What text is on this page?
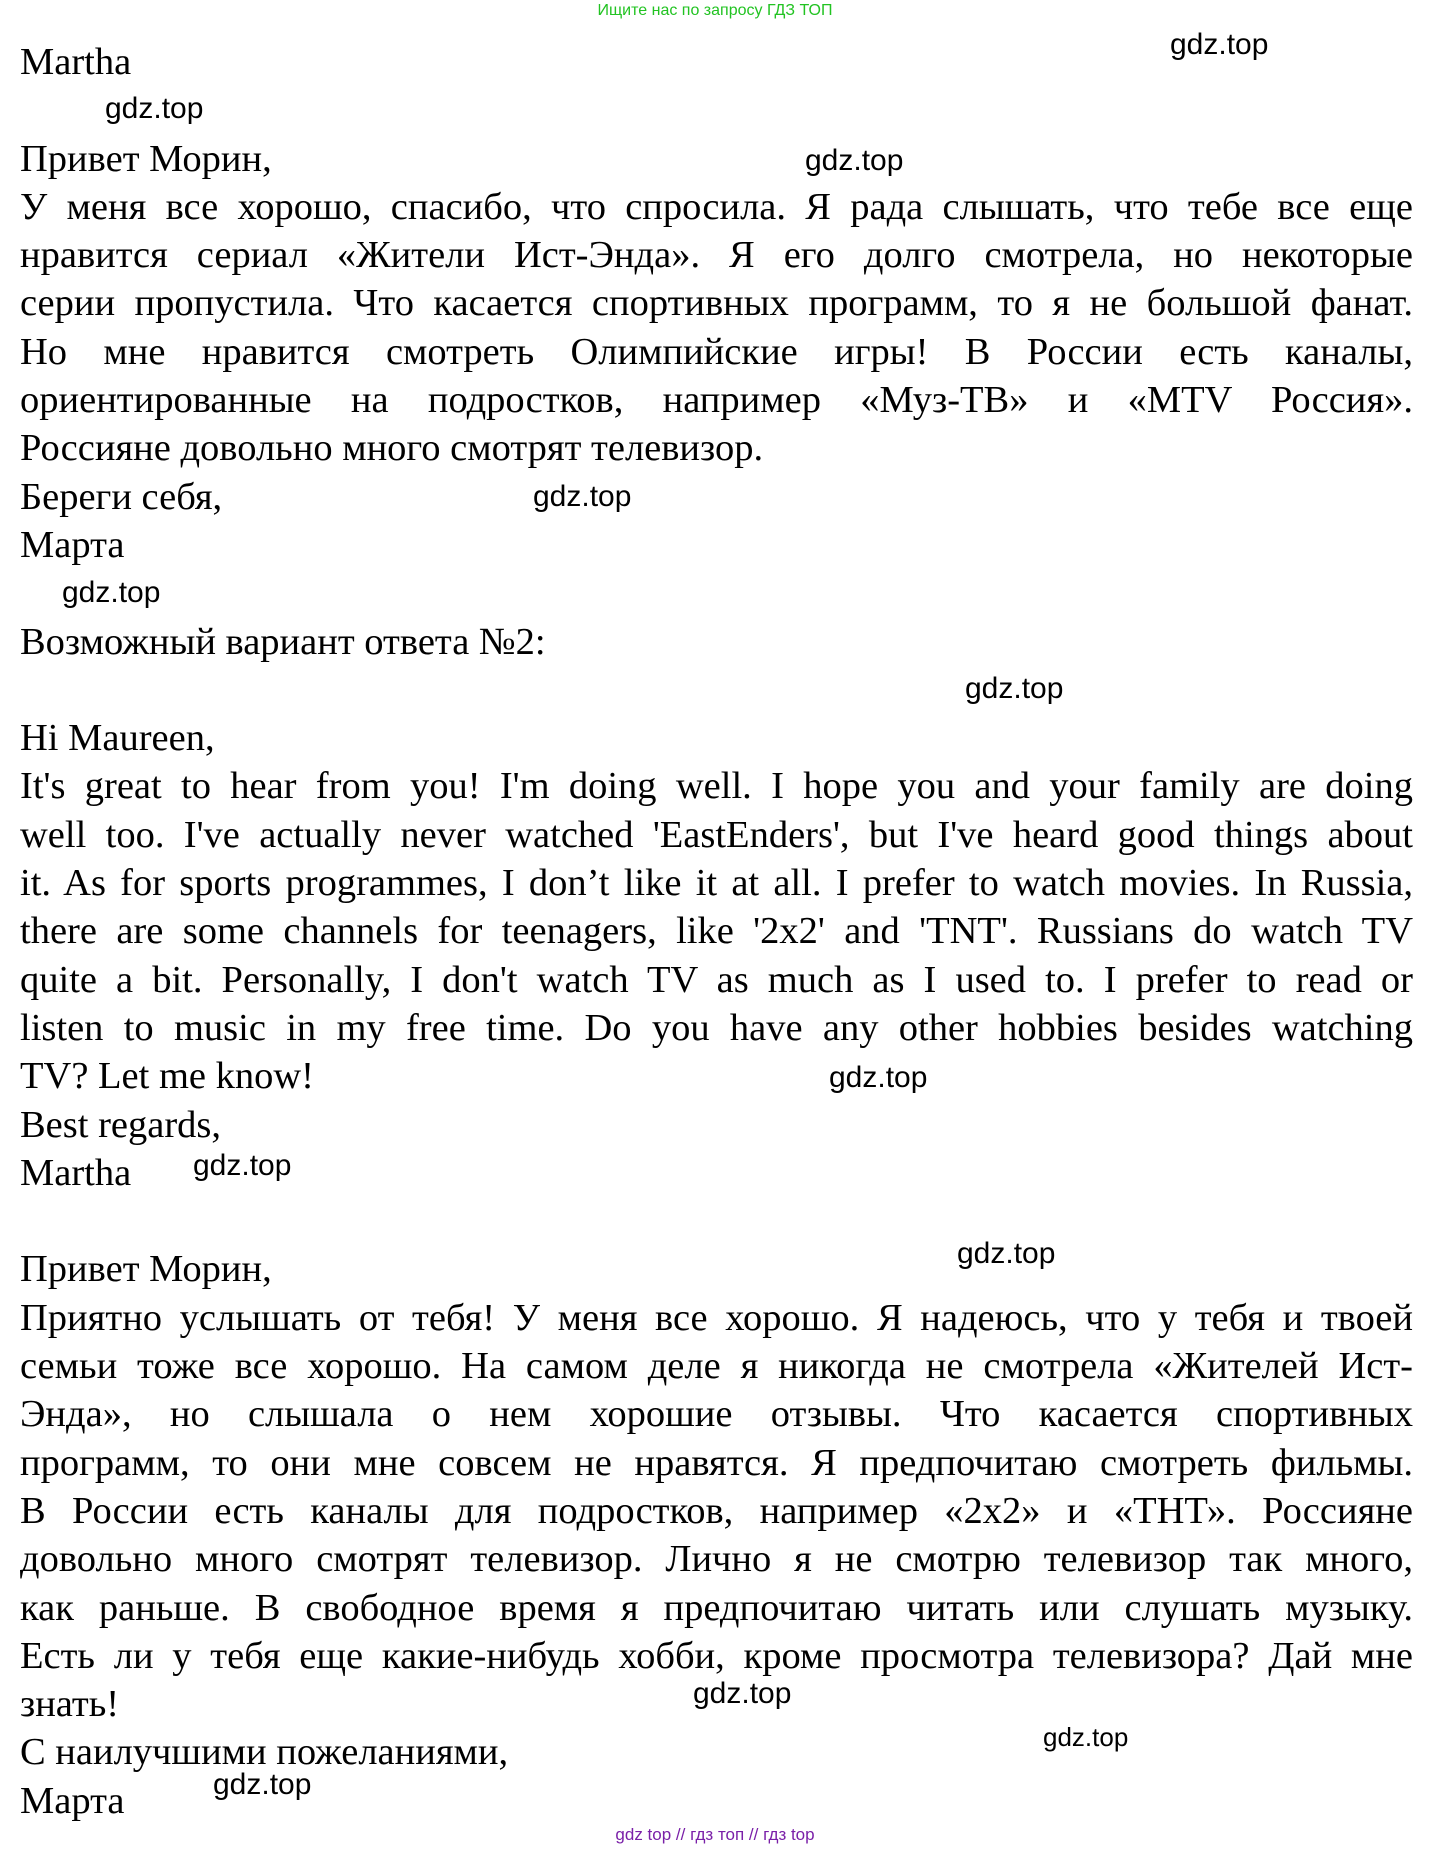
Ищите нас по запросу ГДЗ ТОП
Martha
Привет Морин,
У меня все хорошо, спасибо, что спросила. Я рада слышать, что тебе все еще
нравится сериал «Жители Ист-Энда». Я его долго смотрела, но некоторые
серии пропустила. Что касается спортивных программ, то я не большой фанат.
Но мне нравится смотреть Олимпийские игры! В России есть каналы,
ориентированные на подростков, например «Муз-ТВ» и «MTV Россия».
Россияне довольно много смотрят телевизор.
Береги себя,
Марта
Возможный вариант ответа №2:
Hi Maureen,
It's great to hear from you! I'm doing well. I hope you and your family are doing
well too. I've actually never watched 'EastEnders', but I've heard good things about
it. As for sports programmes, I don’t like it at all. I prefer to watch movies. In Russia,
there are some channels for teenagers, like '2x2' and 'TNT'. Russians do watch TV
quite a bit. Personally, I don't watch TV as much as I used to. I prefer to read or
listen to music in my free time. Do you have any other hobbies besides watching
TV? Let me know!
Best regards,
Martha
Привет Морин,
Приятно услышать от тебя! У меня все хорошо. Я надеюсь, что у тебя и твоей
семьи тоже все хорошо. На самом деле я никогда не смотрела «Жителей Ист-
Энда», но слышала о нем хорошие отзывы. Что касается спортивных
программ, то они мне совсем не нравятся. Я предпочитаю смотреть фильмы.
В России есть каналы для подростков, например «2х2» и «ТНТ». Россияне
довольно много смотрят телевизор. Лично я не смотрю телевизор так много,
как раньше. В свободное время я предпочитаю читать или слушать музыку.
Есть ли у тебя еще какие-нибудь хобби, кроме просмотра телевизора? Дай мне
знать!
С наилучшими пожеланиями,
Марта
gdz.top
gdz.top
gdz.top
gdz.top
gdz.top
gdz.top
gdz.top
gdz.top
gdz.top
gdz.top
gdz.top
gdz.top
gdz top // гдз топ // гдз top
